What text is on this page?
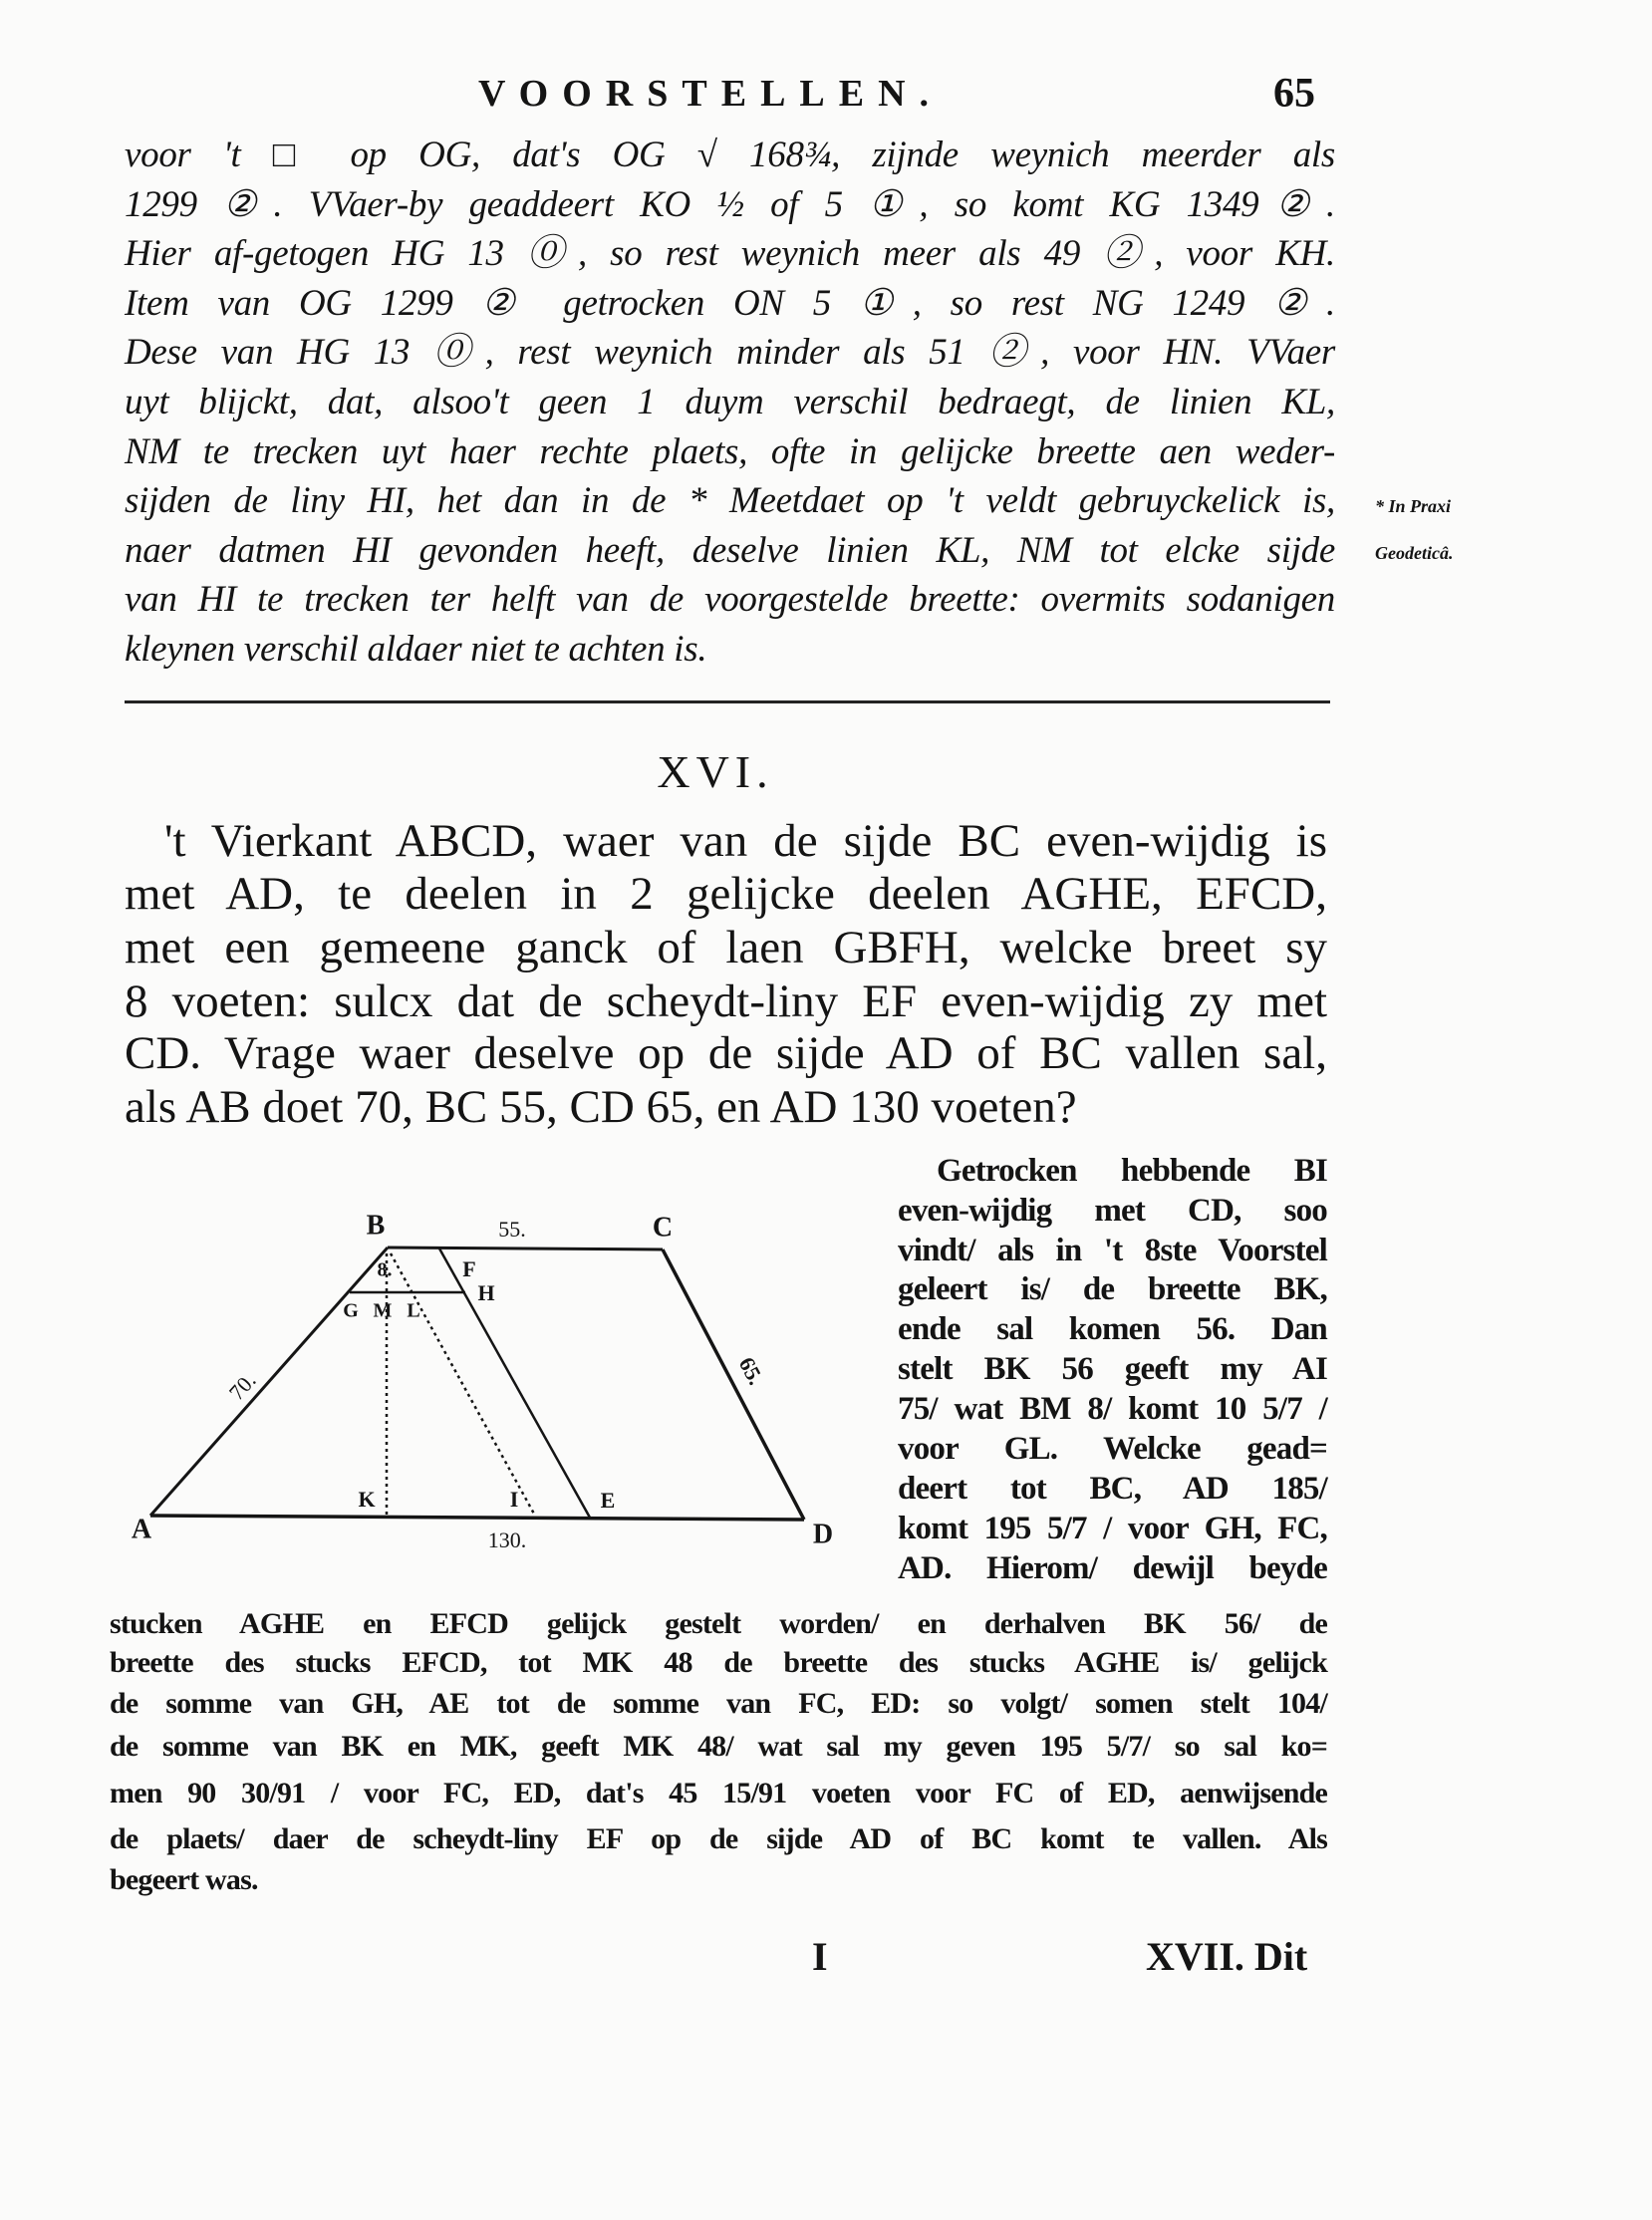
VOORSTELLEN.	65
voor 't □ op OG, dat's OG √ 168¾, zijnde weynich meerder als
1299 ②. VVaer-by geaddeert KO ½ of 5 ①, so komt KG 1349②.
Hier af-getogen HG 13 ⓪, so rest weynich meer als 49 ②, voor KH.
Item van OG 1299 ② getrocken ON 5 ①, so rest NG 1249 ②.
Dese van HG 13 ⓪, rest weynich minder als 51 ②, voor HN. VVaer
uyt blijckt, dat, alsoo't geen 1 duym verschil bedraegt, de linien KL,
NM te trecken uyt haer rechte plaets, ofte in gelijcke breette aen weder-
sijden de liny HI, het dan in de * Meetdaet op 't veldt gebruyckelick is,
naer datmen HI gevonden heeft, deselve linien KL, NM tot elcke sijde
van HI te trecken ter helft van de voorgestelde breette: overmits sodanigen
kleynen verschil aldaer niet te achten is.
* In Praxi
Geodeticâ.
XVI.
't Vierkant ABCD, waer van de sijde BC even-wijdig is
met AD, te deelen in 2 gelijcke deelen AGHE, EFCD,
met een gemeene ganck of laen GBFH, welcke breet sy
8 voeten: sulcx dat de scheydt-liny EF even-wijdig zy met
CD. Vrage waer deselve op de sijde AD of BC vallen sal,
als AB doet 70, BC 55, CD 65, en AD 130 voeten?
B	55.	C
F
8.
H
G M L
70.	65.
K	I	E
A	130.	D
Getrocken hebbende BI
even-wijdig met CD, soo
vindt/ als in 't 8ste Voorstel
geleert is/ de breette BK,
ende sal komen 56. Dan
stelt BK 56 geeft my AI
75/ wat BM 8/ komt 10 5/7 /
voor GL. Welcke gead=
deert tot BC, AD 185/
komt 195 5/7 / voor GH, FC,
AD. Hierom/ dewijl beyde
stucken AGHE en EFCD gelijck gestelt worden/ en derhalven BK 56/ de
breette des stucks EFCD, tot MK 48 de breette des stucks AGHE is/ gelijck
de somme van GH, AE tot de somme van FC, ED: so volgt/ somen stelt 104/
de somme van BK en MK, geeft MK 48/ wat sal my geven 195 5/7/ so sal ko=
men 90 30/91 / voor FC, ED, dat's 45 15/91 voeten voor FC of ED, aenwijsende
de plaets/ daer de scheydt-liny EF op de sijde AD of BC komt te vallen. Als
begeert was.
I	XVII. Dit
